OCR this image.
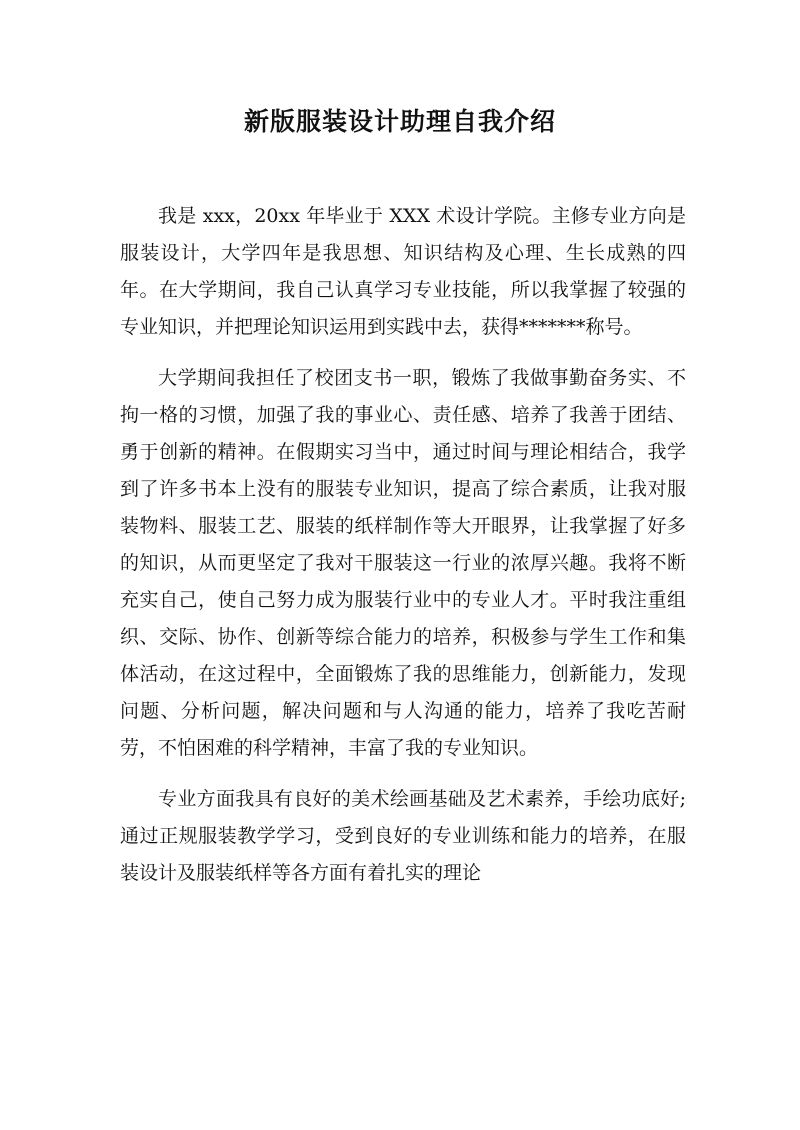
新版服装设计助理自我介绍

我是 xxx，20xx 年毕业于 XXX 术设计学院。主修专业方向是服装设计，大学四年是我思想、知识结构及心理、生长成熟的四年。在大学期间，我自己认真学习专业技能，所以我掌握了较强的专业知识，并把理论知识运用到实践中去，获得*******称号。

大学期间我担任了校团支书一职，锻炼了我做事勤奋务实、不拘一格的习惯，加强了我的事业心、责任感、培养了我善于团结、勇于创新的精神。在假期实习当中，通过时间与理论相结合，我学到了许多书本上没有的服装专业知识，提高了综合素质，让我对服装物料、服装工艺、服装的纸样制作等大开眼界，让我掌握了好多的知识，从而更坚定了我对干服装这一行业的浓厚兴趣。我将不断充实自己，使自己努力成为服装行业中的专业人才。平时我注重组织、交际、协作、创新等综合能力的培养，积极参与学生工作和集体活动，在这过程中，全面锻炼了我的思维能力，创新能力，发现问题、分析问题，解决问题和与人沟通的能力，培养了我吃苦耐劳，不怕困难的科学精神，丰富了我的专业知识。

专业方面我具有良好的美术绘画基础及艺术素养，手绘功底好;通过正规服装教学学习，受到良好的专业训练和能力的培养，在服装设计及服装纸样等各方面有着扎实的理论
